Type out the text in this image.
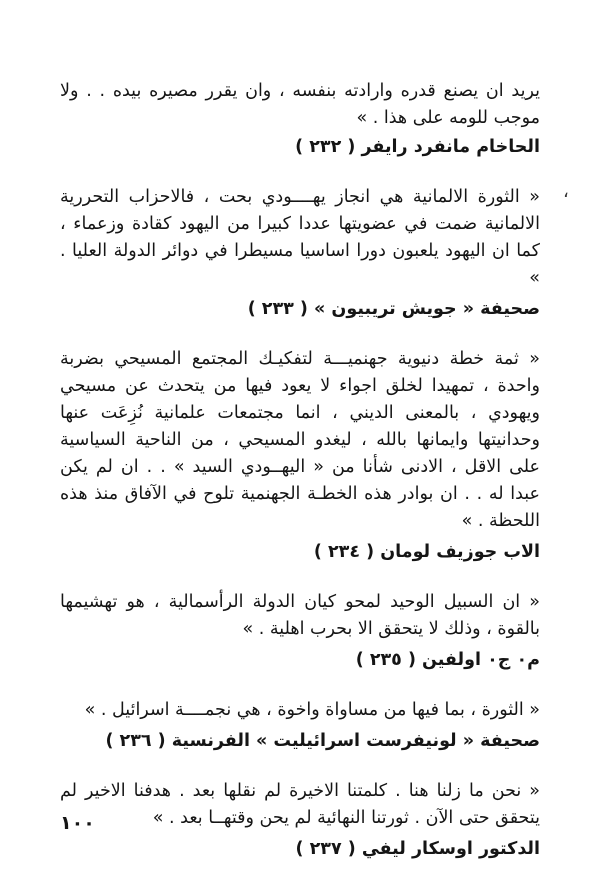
،

يريد ان يصنع قدره وارادته بنفسه ، وان يقرر مصيره بيده . . ولا موجب للومه على هذا . »

الحاخام مانفرد رايفر ( ٢٣٢ )

« الثورة الالمانية هي انجاز يهــــودي بحت ، فالاحزاب التحررية الالمانية ضمت في عضويتها عددا كبيرا من اليهود كقادة وزعماء ، كما ان اليهود يلعبون دورا اساسيا مسيطرا في دوائر الدولة العليا . »

صحيفة « جويش تريبيون » ( ٢٣٣ )

« ثمة خطة دنيوية جهنميـــة لتفكيـك المجتمع المسيحي بضربة واحدة ، تمهيدا لخلق اجواء لا يعود فيها من يتحدث عن مسيحي ويهودي ، بالمعنى الديني ، انما مجتمعات علمانية نُزِعَت عنها وحدانيتها وايمانها بالله ، ليغدو المسيحي ، من الناحية السياسية على الاقل ، الادنى شأنا من « اليهــودي السيد » . . ان لم يكن عبدا له . . ان بوادر هذه الخطـة الجهنمية تلوح في الآفاق منذ هذه اللحظة . »

الاب جوزيف لومان ( ٢٣٤ )

« ان السبيل الوحيد لمحو كيان الدولة الرأسمالية ، هو تهشيمها بالقوة ، وذلك لا يتحقق الا بحرب اهلية . »

م٠ ج٠ اولفين ( ٢٣٥ )

« الثورة ، بما فيها من مساواة واخوة ، هي نجمــــة اسرائيل . »

صحيفة « لونيفرست اسرائيليت » الفرنسية ( ٢٣٦ )

« نحن ما زلنا هنا . كلمتنا الاخيرة لم نقلها بعد . هدفنا الاخير لم يتحقق حتى الآن . ثورتنا النهائية لم يحن وقتهــا بعد . »

الدكتور اوسكار ليفي ( ٢٣٧ )
١٠٠
